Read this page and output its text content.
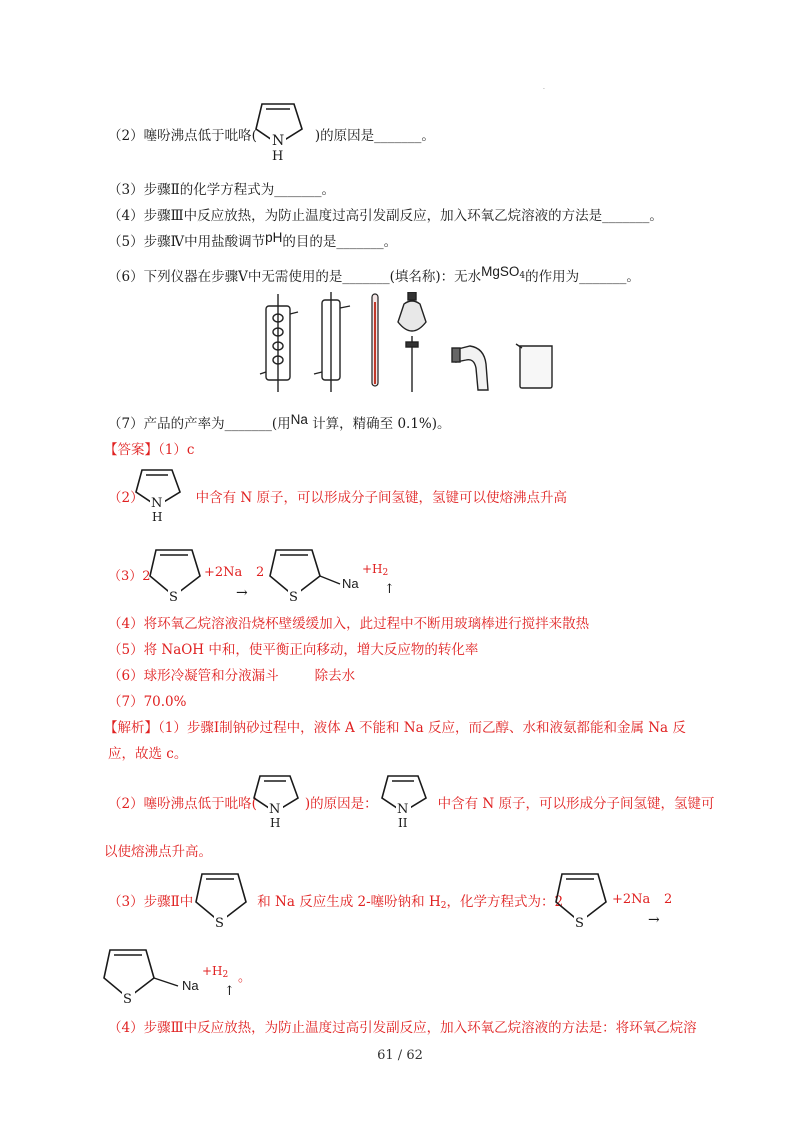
.
（2）噻吩沸点低于吡咯(	)的原因是_______。
N
H
（3）步骤Ⅱ的化学方程式为_______。
（4）步骤Ⅲ中反应放热，为防止温度过高引发副反应，加入环氧乙烷溶液的方法是_______。
（5）步骤Ⅳ中用盐酸调节pH的目的是_______。
（6）下列仪器在步骤Ⅴ中无需使用的是_______(填名称)：无水MgSO$^4$的作用为_______。
（7）产品的产率为_______(用Na 计算，精确至 0.1%)。
【答案】（1）c
（2）	中含有 N 原子，可以形成分子间氢键，氢键可以使熔沸点升高
N
H
（3）2
S
+2Na 2
→	S
Na
$+H_2$
↑
（4）将环氧乙烷溶液沿烧杯壁缓缓加入，此过程中不断用玻璃棒进行搅拌来散热
（5）将 NaOH 中和，使平衡正向移动，增大反应物的转化率
（6）球形冷凝管和分液漏斗	除去水
（7）70.0%
【解析】（1）步骤Ⅰ制钠砂过程中，液体 A 不能和 Na 反应，而乙醇、水和液氨都能和金属 Na 反
应，故选 c。
（2）噻吩沸点低于吡咯(	)的原因是：	中含有 N 原子，可以形成分子间氢键，氢键可
N
H
N
II
以使熔沸点升高。
（3）步骤Ⅱ中	和 Na 反应生成 2-噻吩钠和 $H_2$，化学方程式为：2
S	S
+2Na 2
→
S
Na
$+H_2$
↑
。
（4）步骤Ⅲ中反应放热，为防止温度过高引发副反应，加入环氧乙烷溶液的方法是：将环氧乙烷溶
61 / 62
